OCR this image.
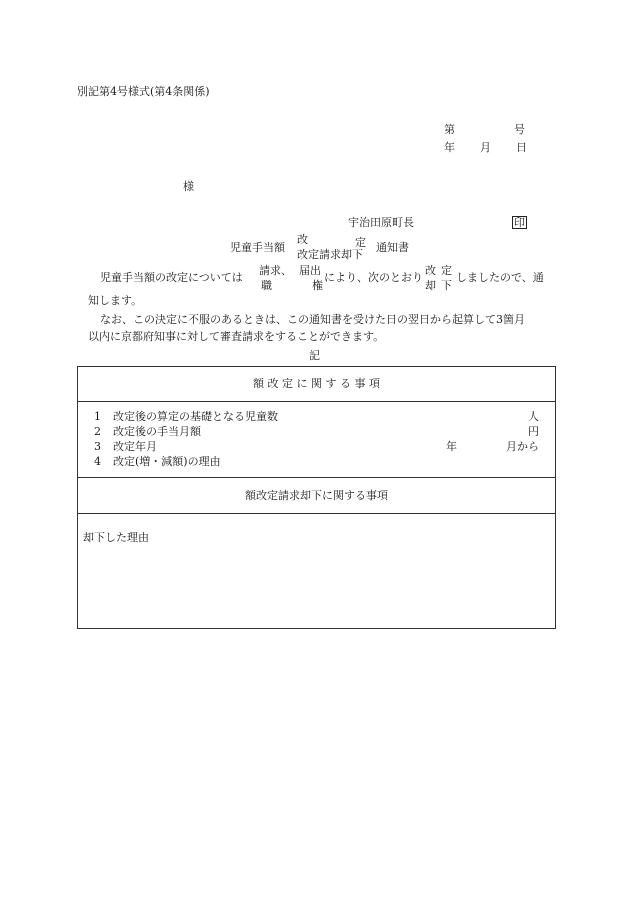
別記第4号様式(第4条関係)
第	号
年 月 日
様
宇治田原町長	印
児童手当額
改	定
改定請求却下
通知書
児童手当額の改定については
請求、
職
届出
権
により、次のとおり
改 定
却 下
しましたので、通
知します。
なお、この決定に不服のあるときは、この通知書を受けた日の翌日から起算して3箇月
以内に京都府知事に対して審査請求をすることができます。
記
額 改 定 に 関 す る 事 項
1 改定後の算定の基礎となる児童数	人
2 改定後の手当月額	円
3 改定年月	年	月から
4 改定(増・減額)の理由
額改定請求却下に関する事項
却下した理由
